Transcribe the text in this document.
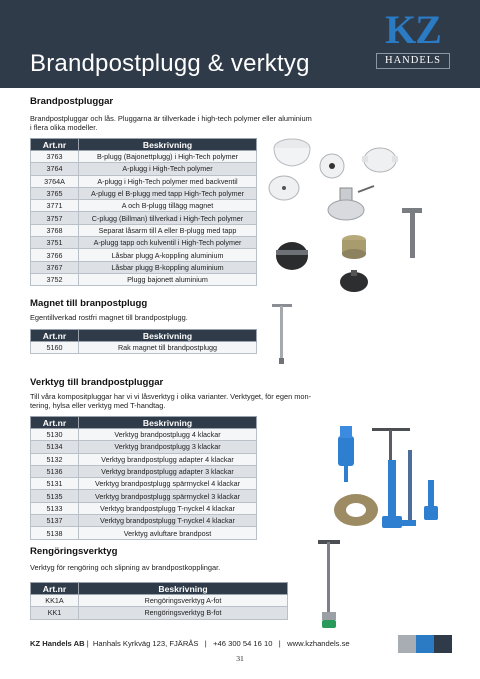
Brandpostplugg & verktyg
KZ
HANDELS
Brandpostpluggar
Brandpostpluggar och lås. Pluggarna är tillverkade i high-tech polymer eller aluminium
i flera olika modeller.
Art.nr	Beskrivning
3763	B-plugg (Bajonettplugg) i High-Tech polymer
3764	A-plugg i High-Tech polymer
3764A	A-plugg i High-Tech polymer med backventil
3765	A-plugg el B-plugg med tapp High-Tech polymer
3771	A och B-plugg tillägg magnet
3757	C-plugg (Billman) tillverkad i High-Tech polymer
3768	Separat låsarm till A eller B-plugg med tapp
3751	A-plugg tapp och kulventil i High-Tech polymer
3766	Låsbar plugg A-koppling aluminium
3767	Låsbar plugg B-koppling aluminium
3752	Plugg bajonett aluminium
Magnet till branpostplugg
Egentillverkad rostfri magnet till brandpostplugg.
Art.nr	Beskrivning
5160	Rak magnet till brandpostplugg
Verktyg till brandpostpluggar
Till våra kompositpluggar har vi vi låsverktyg i olika varianter. Verktyget, för egen mon-
tering, hylsa eller verktyg med T-handtag.
Art.nr	Beskrivning
5130	Verktyg brandpostplugg 4 klackar
5134	Verktyg brandpostplugg 3 klackar
5132	Verktyg brandpostplugg adapter 4 klackar
5136	Verktyg brandpostplugg adapter 3 klackar
5131	Verktyg brandpostplugg spärrnyckel 4 klackar
5135	Verktyg brandpostplugg spärrnyckel 3 klackar
5133	Verktyg brandpostplugg T-nyckel 4 klackar
5137	Verktyg brandpostplugg T-nyckel 4 klackar
5138	Verktyg avluftare brandpost
Rengöringsverktyg
Verktyg för rengöring och slipning av brandpostkopplingar.
Art.nr	Beskrivning
KK1A	Rengöringsverktyg A-fot
KK1	Rengöringsverktyg B-fot
KZ Handels AB | Hanhals Kyrkväg 123, FJÄRÅS | +46 300 54 16 10 | www.kzhandels.se
31
